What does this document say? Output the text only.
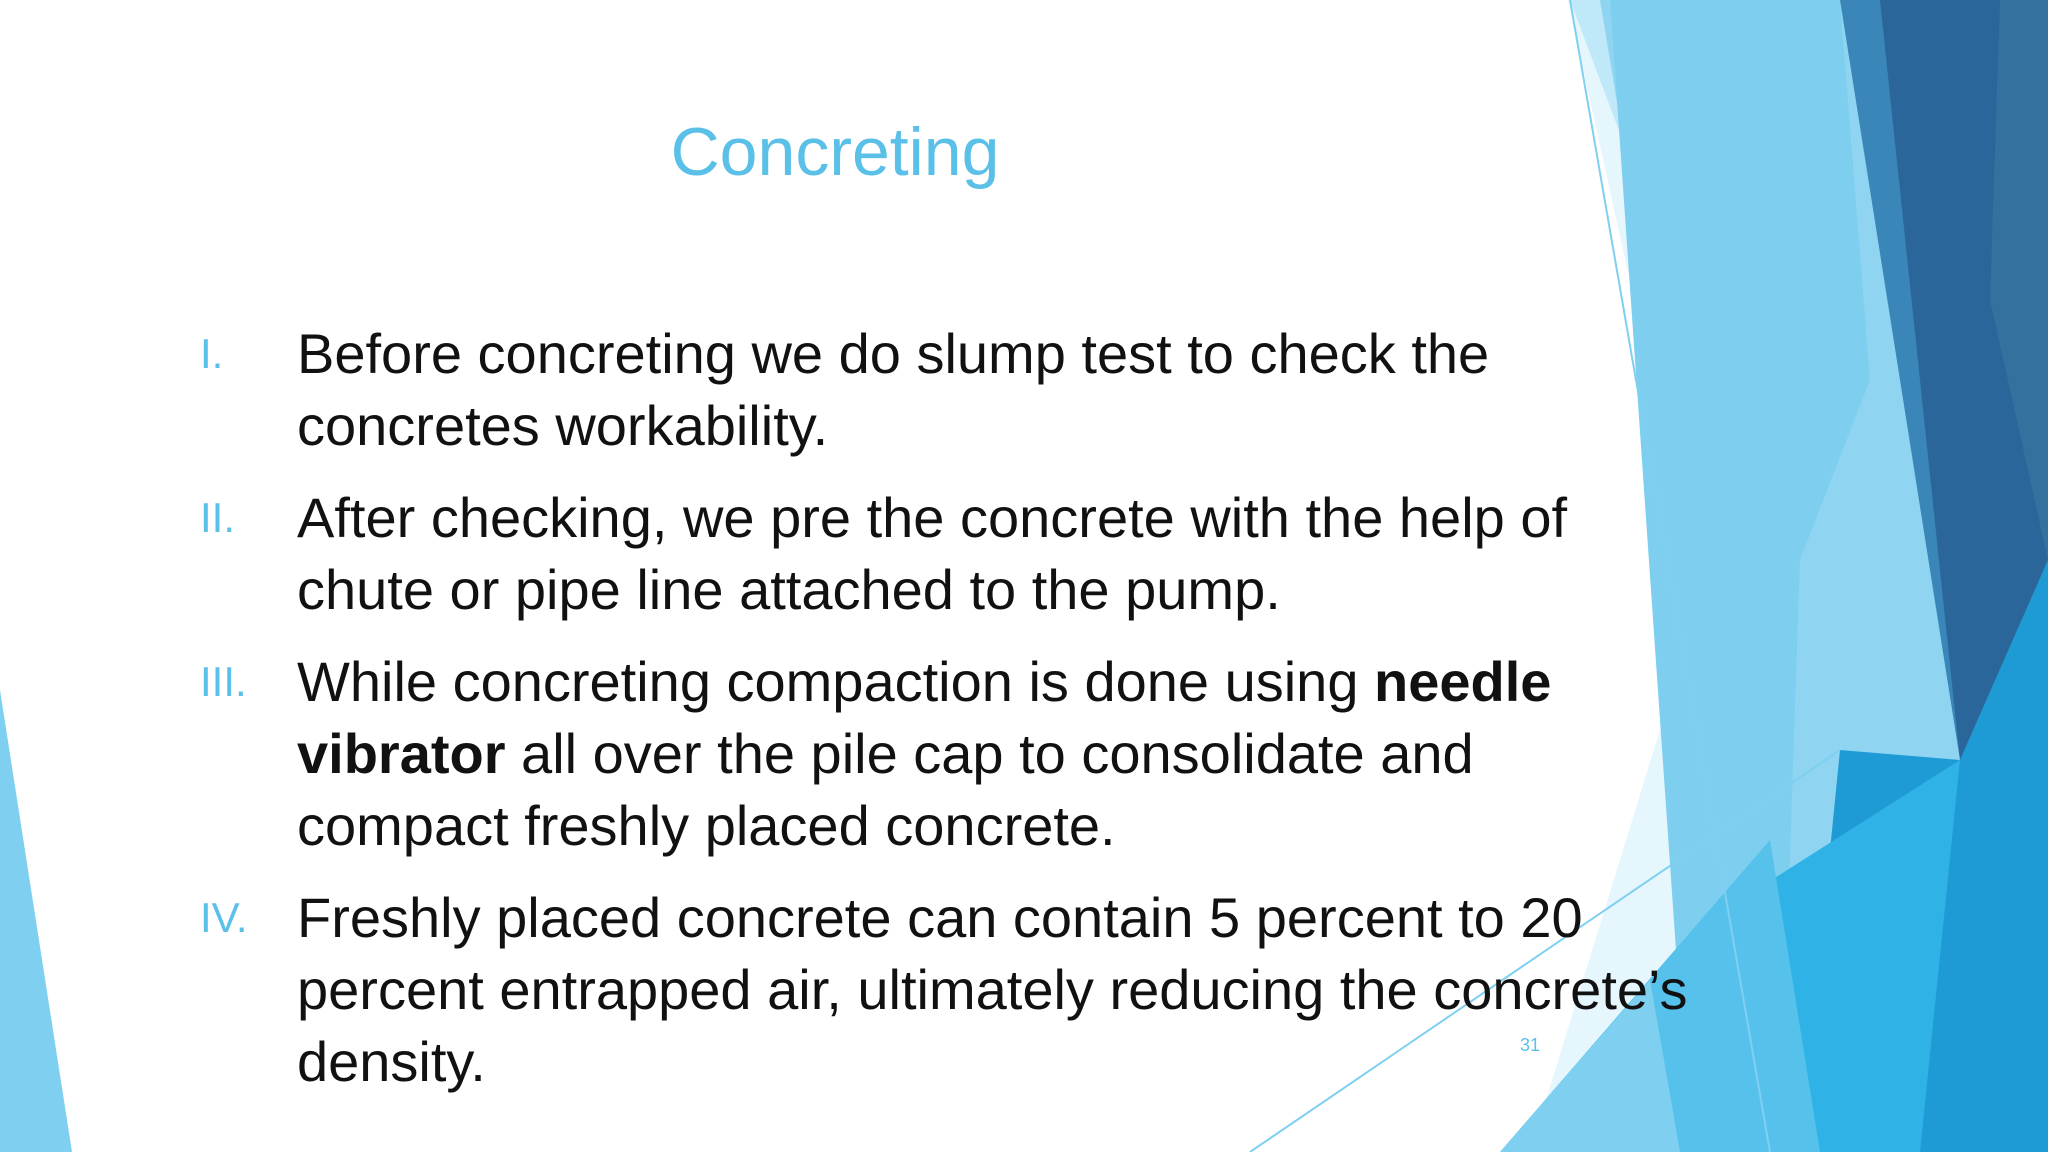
Concreting
I. Before concreting we do slump test to check the concretes workability.
II. After checking, we pre the concrete with the help of chute or pipe line attached to the pump.
III. While concreting compaction is done using needle vibrator all over the pile cap to consolidate and compact freshly placed concrete.
IV. Freshly placed concrete can contain 5 percent to 20 percent entrapped air, ultimately reducing the concrete’s density.	31
